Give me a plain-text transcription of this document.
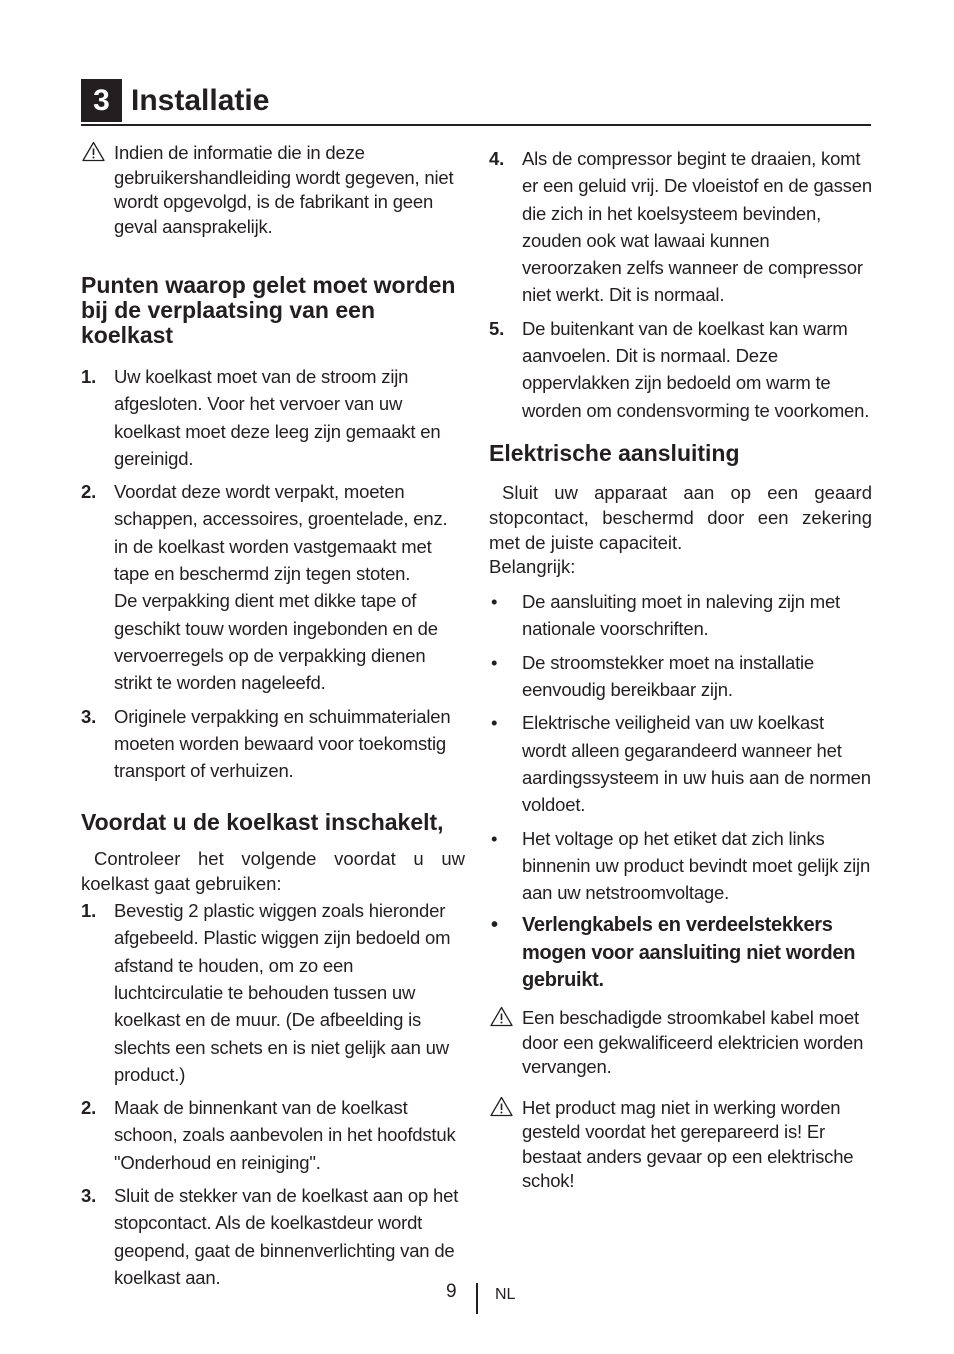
3 Installatie
Indien de informatie die in deze gebruikershandleiding wordt gegeven, niet wordt opgevolgd, is de fabrikant in geen geval aansprakelijk.
Punten waarop gelet moet worden bij de verplaatsing van een koelkast
1. Uw koelkast moet van de stroom zijn afgesloten. Voor het vervoer van uw koelkast moet deze leeg zijn gemaakt en gereinigd.
2. Voordat deze wordt verpakt, moeten schappen, accessoires, groentelade, enz. in de koelkast worden vastgemaakt met tape en beschermd zijn tegen stoten.
De verpakking dient met dikke tape of geschikt touw worden ingebonden en de vervoerregels op de verpakking dienen strikt te worden nageleefd.
3. Originele verpakking en schuimmaterialen moeten worden bewaard voor toekomstig transport of verhuizen.
Voordat u de koelkast inschakelt,
Controleer het volgende voordat u uw koelkast gaat gebruiken:
1. Bevestig 2 plastic wiggen zoals hieronder afgebeeld. Plastic wiggen zijn bedoeld om afstand te houden, om zo een luchtcirculatie te behouden tussen uw koelkast en de muur. (De afbeelding is slechts een schets en is niet gelijk aan uw product.)
2. Maak de binnenkant van de koelkast schoon, zoals aanbevolen in het hoofdstuk "Onderhoud en reiniging".
3. Sluit de stekker van de koelkast aan op het stopcontact. Als de koelkastdeur wordt geopend, gaat de binnenverlichting van de koelkast aan.
4. Als de compressor begint te draaien, komt er een geluid vrij. De vloeistof en de gassen die zich in het koelsysteem bevinden, zouden ook wat lawaai kunnen veroorzaken zelfs wanneer de compressor niet werkt. Dit is normaal.
5. De buitenkant van de koelkast kan warm aanvoelen. Dit is normaal. Deze oppervlakken zijn bedoeld om warm te worden om condensvorming te voorkomen.
Elektrische aansluiting
Sluit uw apparaat aan op een geaard stopcontact, beschermd door een zekering met de juiste capaciteit.
Belangrijk:
• De aansluiting moet in naleving zijn met nationale voorschriften.
• De stroomstekker moet na installatie eenvoudig bereikbaar zijn.
• Elektrische veiligheid van uw koelkast wordt alleen gegarandeerd wanneer het aardingssysteem in uw huis aan de normen voldoet.
• Het voltage op het etiket dat zich links binnenin uw product bevindt moet gelijk zijn aan uw netstroomvoltage.
• Verlengkabels en verdeelstekkers mogen voor aansluiting niet worden gebruikt.
Een beschadigde stroomkabel kabel moet door een gekwalificeerd elektricien worden vervangen.
Het product mag niet in werking worden gesteld voordat het gerepareerd is! Er bestaat anders gevaar op een elektrische schok!
9 NL
